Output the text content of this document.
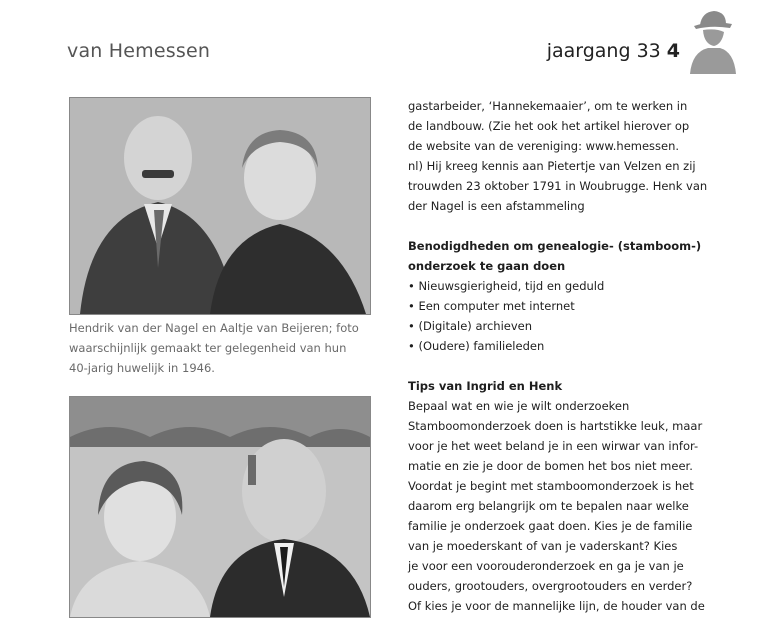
van Hemessen	jaargang 33 4
Hendrik van der Nagel en Aaltje van Beijeren; foto
waarschijnlijk gemaakt ter gelegenheid van hun
40-jarig huwelijk in 1946.

gastarbeider, ‘Hannekemaaier’, om te werken in

de landbouw. (Zie het ook het artikel hierover op

de website van de vereniging: www.hemessen.

nl) Hij kreeg kennis aan Pietertje van Velzen en zij

trouwden 23 oktober 1791 in Woubrugge. Henk van

der Nagel is een afstammeling

Benodigdheden om genealogie- (stamboom-)

onderzoek te gaan doen

• Nieuwsgierigheid, tijd en geduld
• Een computer met internet
• (Digitale) archieven
• (Oudere) familieleden

Tips van Ingrid en Henk

Bepaal wat en wie je wilt onderzoeken

Stamboomonderzoek doen is hartstikke leuk, maar

voor je het weet beland je in een wirwar van infor-

matie en zie je door de bomen het bos niet meer.

Voordat je begint met stamboomonderzoek is het

daarom erg belangrijk om te bepalen naar welke

familie je onderzoek gaat doen. Kies je de familie

van je moederskant of van je vaderskant? Kies

je voor een voorouderonderzoek en ga je van je

ouders, grootouders, overgrootouders en verder?

Of kies je voor de mannelijke lijn, de houder van de
